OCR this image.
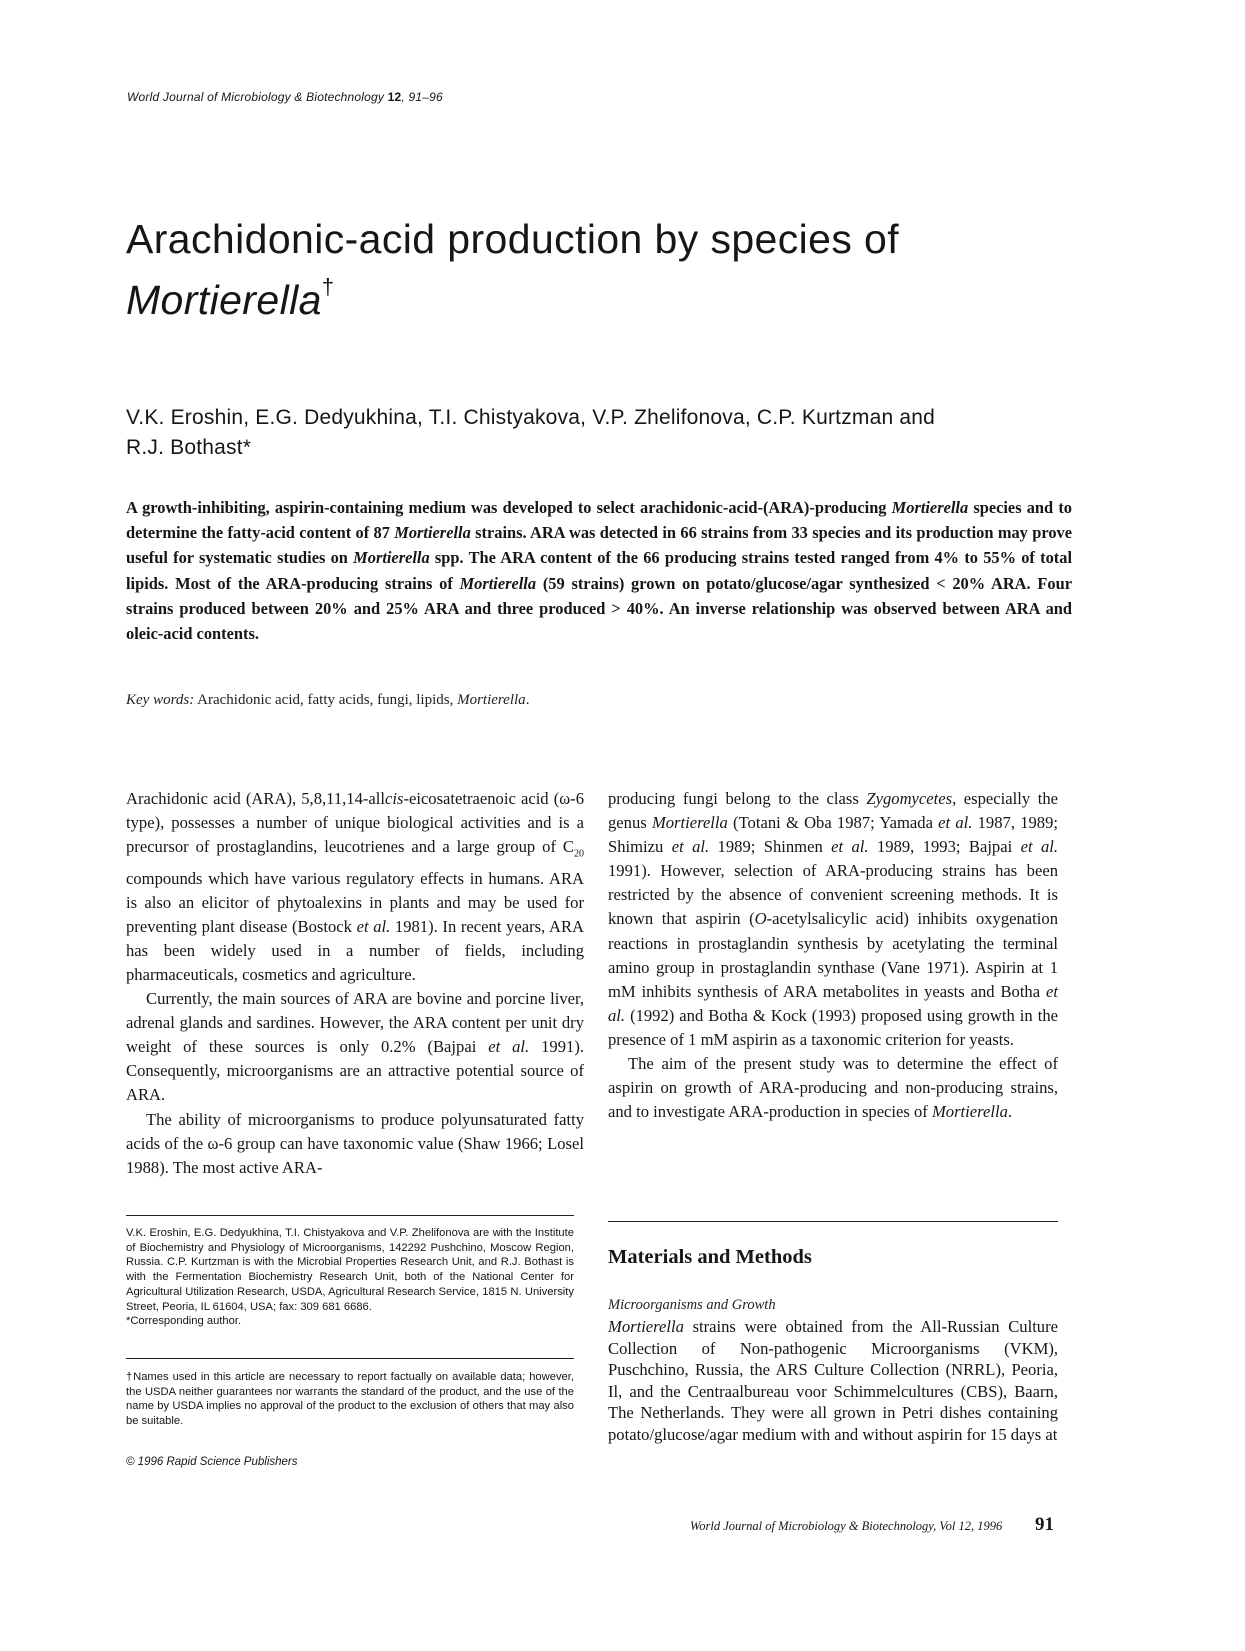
World Journal of Microbiology & Biotechnology 12, 91–96
Arachidonic-acid production by species of
Mortierella†
V.K. Eroshin, E.G. Dedyukhina, T.I. Chistyakova, V.P. Zhelifonova, C.P. Kurtzman and
R.J. Bothast*

A growth-inhibiting, aspirin-containing medium was developed to select arachidonic-acid-(ARA)-producing Mortierella species and to determine the fatty-acid content of 87 Mortierella strains. ARA was detected in 66 strains from 33 species and its production may prove useful for systematic studies on Mortierella spp. The ARA content of the 66 producing strains tested ranged from 4% to 55% of total lipids. Most of the ARA-producing strains of Mortierella (59 strains) grown on potato/glucose/agar synthesized < 20% ARA. Four strains produced between 20% and 25% ARA and three produced > 40%. An inverse relationship was observed between ARA and oleic-acid contents.

Key words: Arachidonic acid, fatty acids, fungi, lipids, Mortierella.

Arachidonic acid (ARA), 5,8,11,14-allcis-eicosatetraenoic acid (ω-6 type), possesses a number of unique biological activities and is a precursor of prostaglandins, leucotrienes and a large group of $C_{20}$ compounds which have various regulatory effects in humans. ARA is also an elicitor of phytoalexins in plants and may be used for preventing plant disease (Bostock et al. 1981). In recent years, ARA has been widely used in a number of fields, including pharmaceuticals, cosmetics and agriculture.

Currently, the main sources of ARA are bovine and porcine liver, adrenal glands and sardines. However, the ARA content per unit dry weight of these sources is only 0.2% (Bajpai et al. 1991). Consequently, microorganisms are an attractive potential source of ARA.

The ability of microorganisms to produce polyunsaturated fatty acids of the ω-6 group can have taxonomic value (Shaw 1966; Losel 1988). The most active ARA-

producing fungi belong to the class Zygomycetes, especially the genus Mortierella (Totani & Oba 1987; Yamada et al. 1987, 1989; Shimizu et al. 1989; Shinmen et al. 1989, 1993; Bajpai et al. 1991). However, selection of ARA-producing strains has been restricted by the absence of convenient screening methods. It is known that aspirin (O-acetylsalicylic acid) inhibits oxygenation reactions in prostaglandin synthesis by acetylating the terminal amino group in prostaglandin synthase (Vane 1971). Aspirin at 1 mM inhibits synthesis of ARA metabolites in yeasts and Botha et al. (1992) and Botha & Kock (1993) proposed using growth in the presence of 1 mM aspirin as a taxonomic criterion for yeasts.

The aim of the present study was to determine the effect of aspirin on growth of ARA-producing and non-producing strains, and to investigate ARA-production in species of Mortierella.

V.K. Eroshin, E.G. Dedyukhina, T.I. Chistyakova and V.P. Zhelifonova are with the Institute of Biochemistry and Physiology of Microorganisms, 142292 Pushchino, Moscow Region, Russia. C.P. Kurtzman is with the Microbial Properties Research Unit, and R.J. Bothast is with the Fermentation Biochemistry Research Unit, both of the National Center for Agricultural Utilization Research, USDA, Agricultural Research Service, 1815 N. University Street, Peoria, IL 61604, USA; fax: 309 681 6686.
*Corresponding author.

†Names used in this article are necessary to report factually on available data; however, the USDA neither guarantees nor warrants the standard of the product, and the use of the name by USDA implies no approval of the product to the exclusion of others that may also be suitable.

© 1996 Rapid Science Publishers
Materials and Methods
Microorganisms and Growth

Mortierella strains were obtained from the All-Russian Culture Collection of Non-pathogenic Microorganisms (VKM), Puschchino, Russia, the ARS Culture Collection (NRRL), Peoria, Il, and the Centraalbureau voor Schimmelcultures (CBS), Baarn, The Netherlands. They were all grown in Petri dishes containing potato/glucose/agar medium with and without aspirin for 15 days at

World Journal of Microbiology & Biotechnology, Vol 12, 1996 91
